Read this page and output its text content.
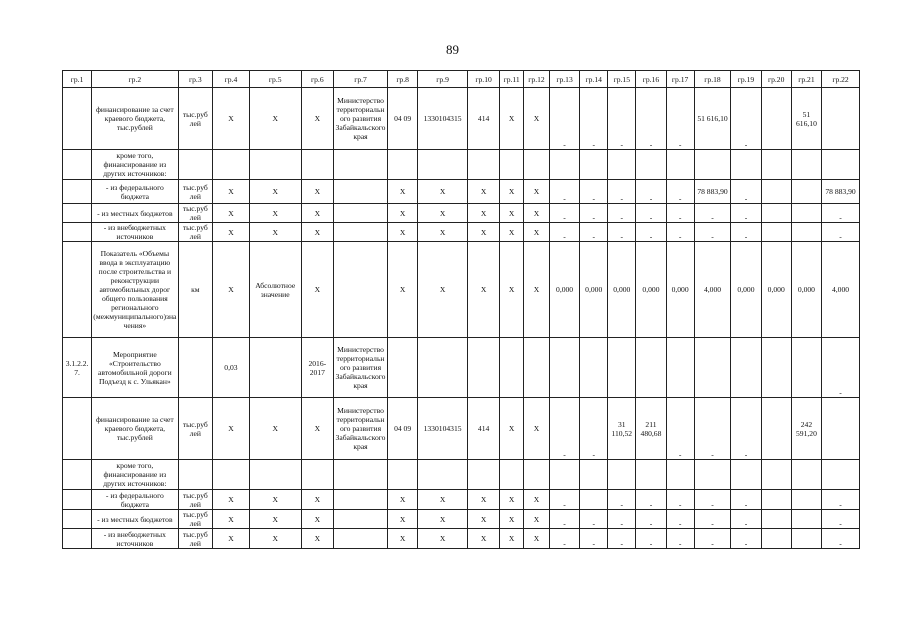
89
гр.1	гр.2	гр.3	гр.4	гр.5	гр.6	гр.7	гр.8	гр.9	гр.10	гр.11	гр.12	гр.13	гр.14	гр.15	гр.16	гр.17	гр.18	гр.19	гр.20	гр.21	гр.22
	финансирование за счет краевого бюджета, тыс.рублей	тыс.руб лей	Х	Х	Х	Министерство территориального развития Забайкальского края	04 09	1330104315	414	Х	Х	-	-	-	-	-	51 616,10	-		51 616,10	
	кроме того, финансирование из других источников:																				
	- из федерального бюджета	тыс.руб лей	Х	Х	Х		Х	Х	Х	Х	Х	-	-	-	-	-	78 883,90	-			78 883,90
	- из местных бюджетов	тыс.руб лей	Х	Х	Х		Х	Х	Х	Х	Х	-	-	-	-	-	-	-			-
	- из внебюджетных источников	тыс.руб лей	Х	Х	Х		Х	Х	Х	Х	Х	-	-	-	-	-	-	-			-
	Показатель «Объемы ввода в эксплуатацию после строительства и реконструкции автомобильных дорог общего пользования регионального (межмуниципального)значения»	км	Х	Абсолютное значение	Х		Х	Х	Х	Х	Х	0,000	0,000	0,000	0,000	0,000	4,000	0,000	0,000	0,000	4,000
3.1.2.2.7.	Мероприятие «Строительство автомобильной дороги Подъезд к с. Ульякан»		0,03		2016-2017	Министерство территориального развития Забайкальского края															-
	финансирование за счет краевого бюджета, тыс.рублей	тыс.руб лей	Х	Х	Х	Министерство территориального развития Забайкальского края	04 09	1330104315	414	Х	Х	-	-	31 110,52	211 480,68	-	-	-		242 591,20	
	кроме того, финансирование из других источников:																				
	- из федерального бюджета	тыс.руб лей	Х	Х	Х		Х	Х	Х	Х	Х	-		-	-	-	-	-			-
	- из местных бюджетов	тыс.руб лей	Х	Х	Х		Х	Х	Х	Х	Х	-	-	-	-	-	-	-			-
	- из внебюджетных источников	тыс.руб лей	Х	Х	Х		Х	Х	Х	Х	Х	-	-	-	-	-	-	-			-
